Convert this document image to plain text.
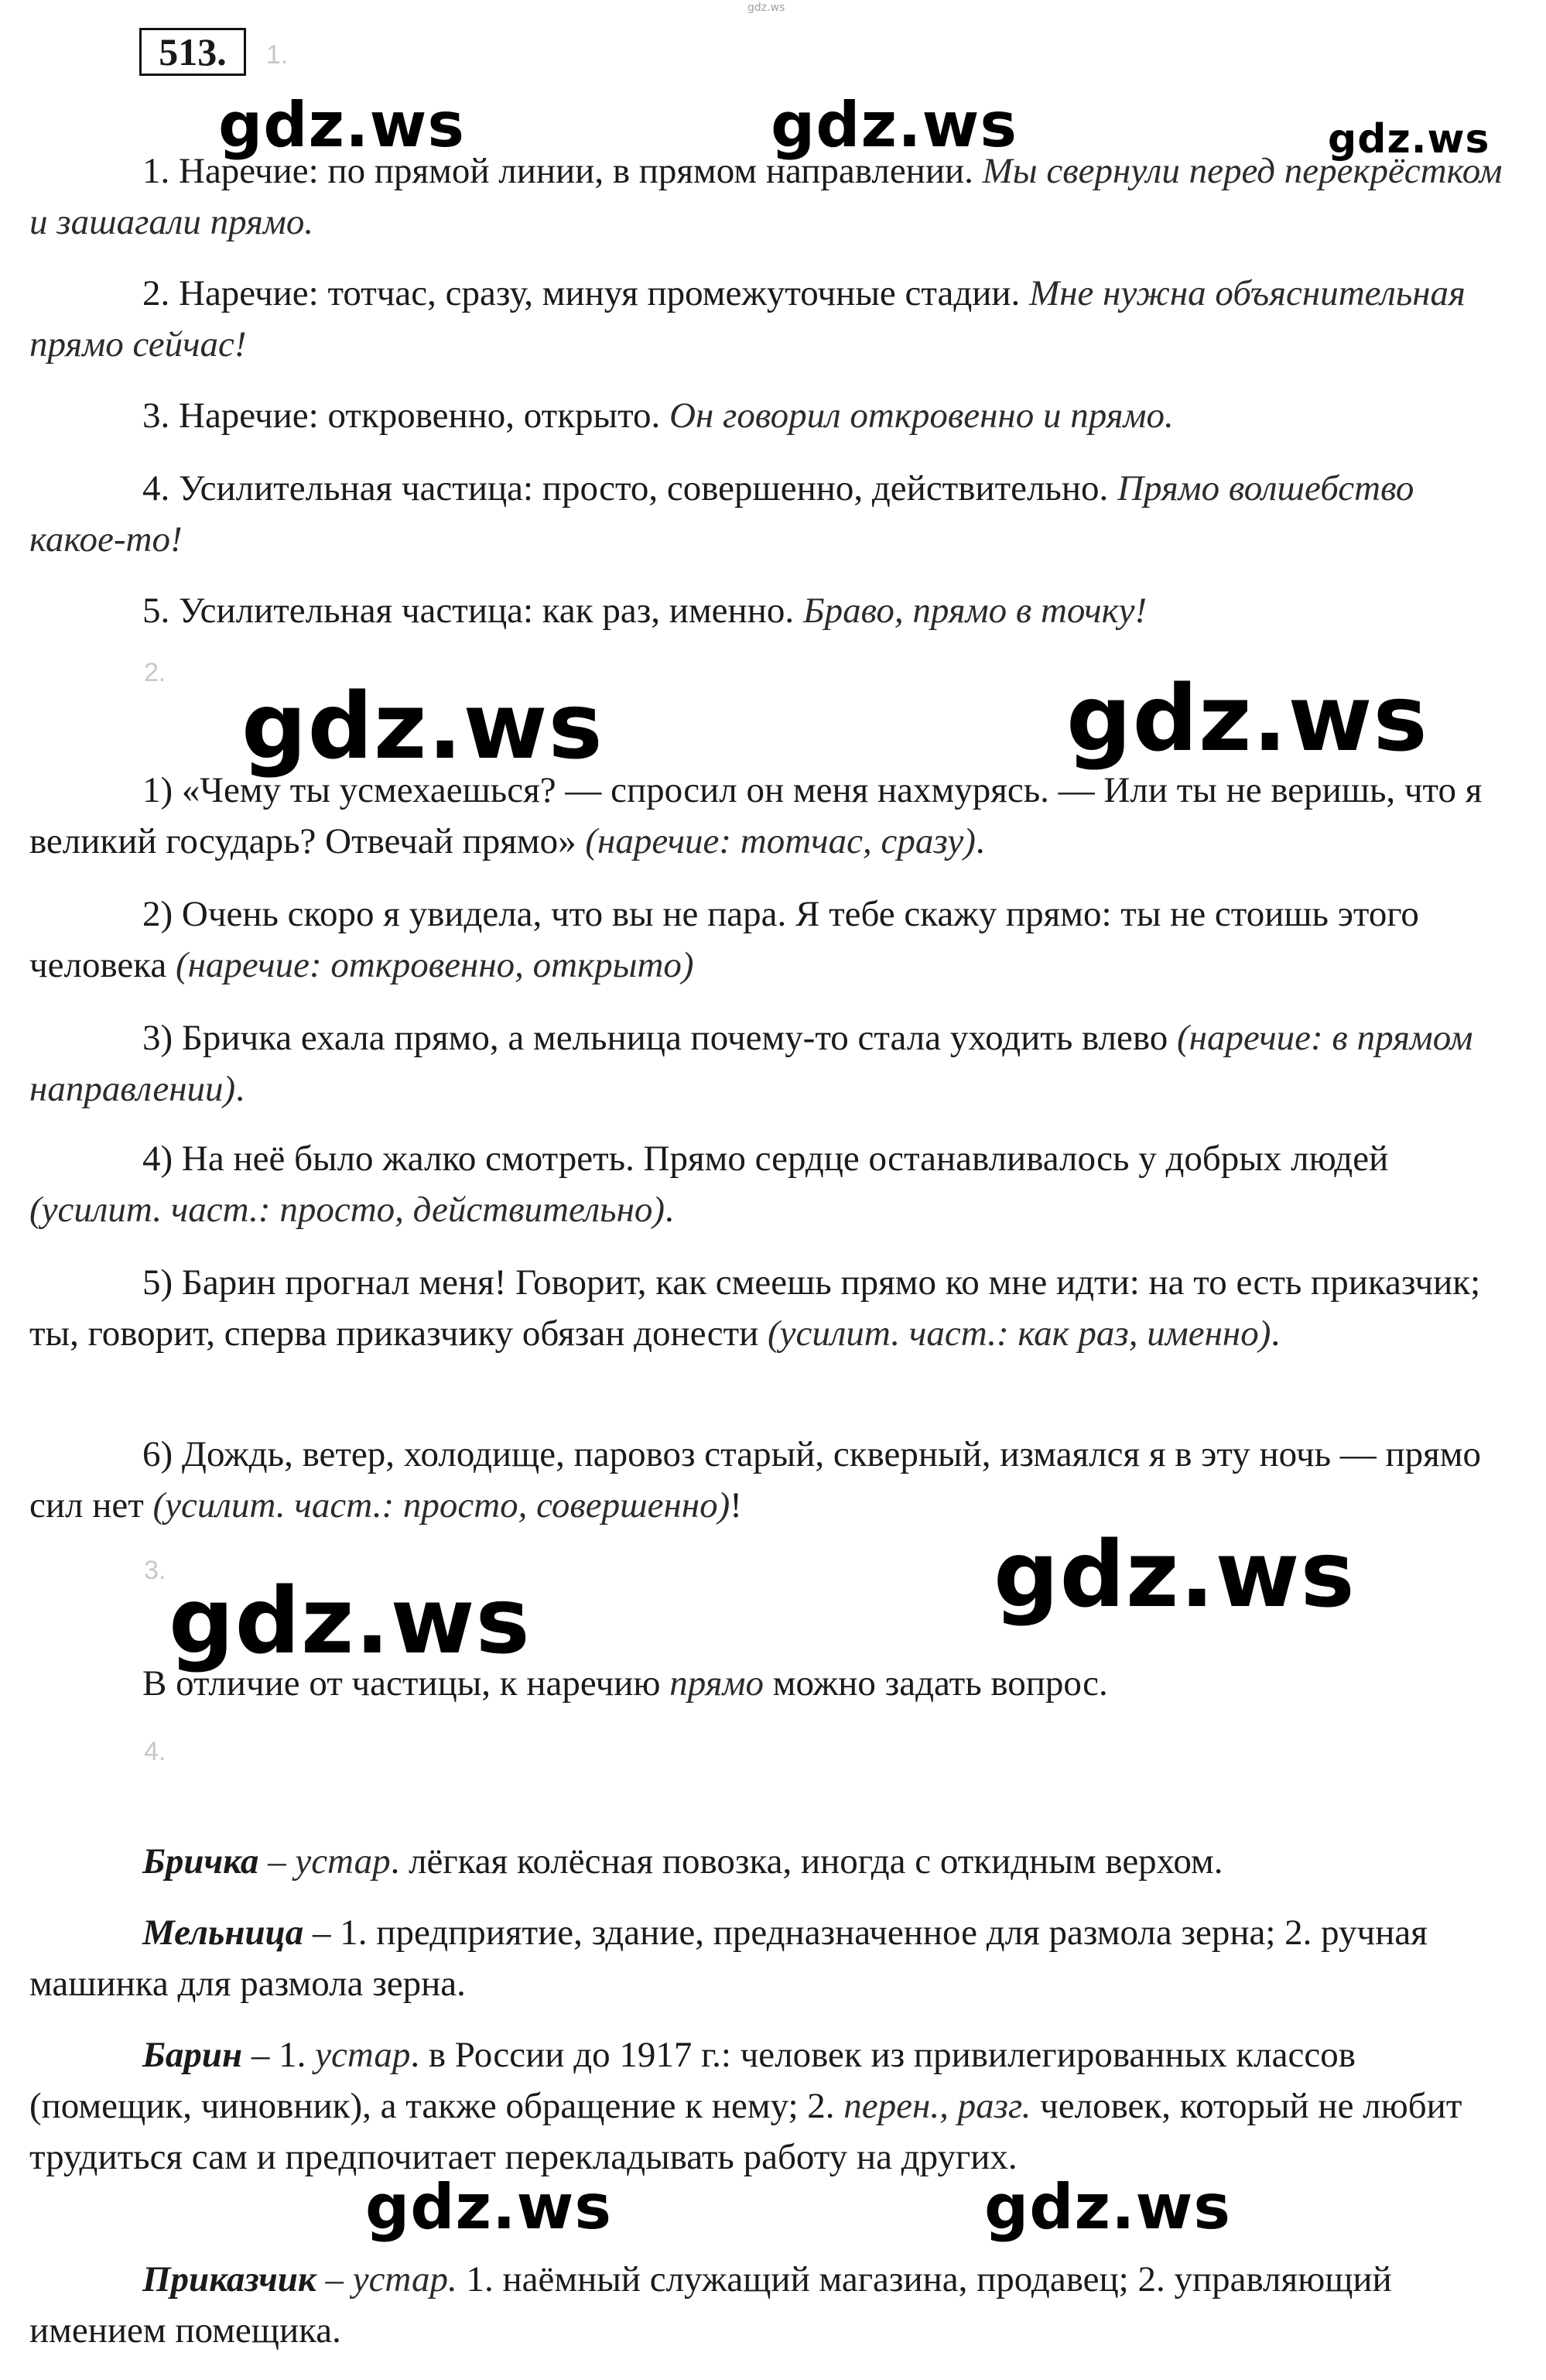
gdz.ws
513.	1.

1. Наречие: по прямой линии, в прямом направлении. Мы свернули перед перекрёстком и зашагали прямо.

2. Наречие: тотчас, сразу, минуя промежуточные стадии. Мне нужна объяснительная прямо сейчас!

3. Наречие: откровенно, открыто. Он говорил откровенно и прямо.

4. Усилительная частица: просто, совершенно, действительно. Прямо волшебство какое-то!

5. Усилительная частица: как раз, именно. Браво, прямо в точку!

2.

1) «Чему ты усмехаешься? — спросил он меня нахмурясь. — Или ты не веришь, что я великий государь? Отвечай прямо» (наречие: тотчас, сразу).

2) Очень скоро я увидела, что вы не пара. Я тебе скажу прямо: ты не стоишь этого человека (наречие: откровенно, открыто)

3) Бричка ехала прямо, а мельница почему-то стала уходить влево (наречие: в прямом направлении).

4) На неё было жалко смотреть. Прямо сердце останавливалось у добрых людей (усилит. част.: просто, действительно).

5) Барин прогнал меня! Говорит, как смеешь прямо ко мне идти: на то есть приказчик; ты, говорит, сперва приказчику обязан донести (усилит. част.: как раз, именно).

6) Дождь, ветер, холодище, паровоз старый, скверный, измаялся я в эту ночь — прямо сил нет (усилит. част.: просто, совершенно)!

3.

В отличие от частицы, к наречию прямо можно задать вопрос.

4.

Бричка – устар. лёгкая колёсная повозка, иногда с откидным верхом.

Мельница – 1. предприятие, здание, предназначенное для размола зерна; 2. ручная машинка для размола зерна.

Барин – 1. устар. в России до 1917 г.: человек из привилегированных классов (помещик, чиновник), а также обращение к нему; 2. перен., разг. человек, который не любит трудиться сам и предпочитает перекладывать работу на других.

Приказчик – устар. 1. наёмный служащий магазина, продавец; 2. управляющий имением помещика.

gdz.ws	gdz.ws	gdz.ws
gdz.ws	gdz.ws
gdz.ws
gdz.ws
gdz.ws	gdz.ws
